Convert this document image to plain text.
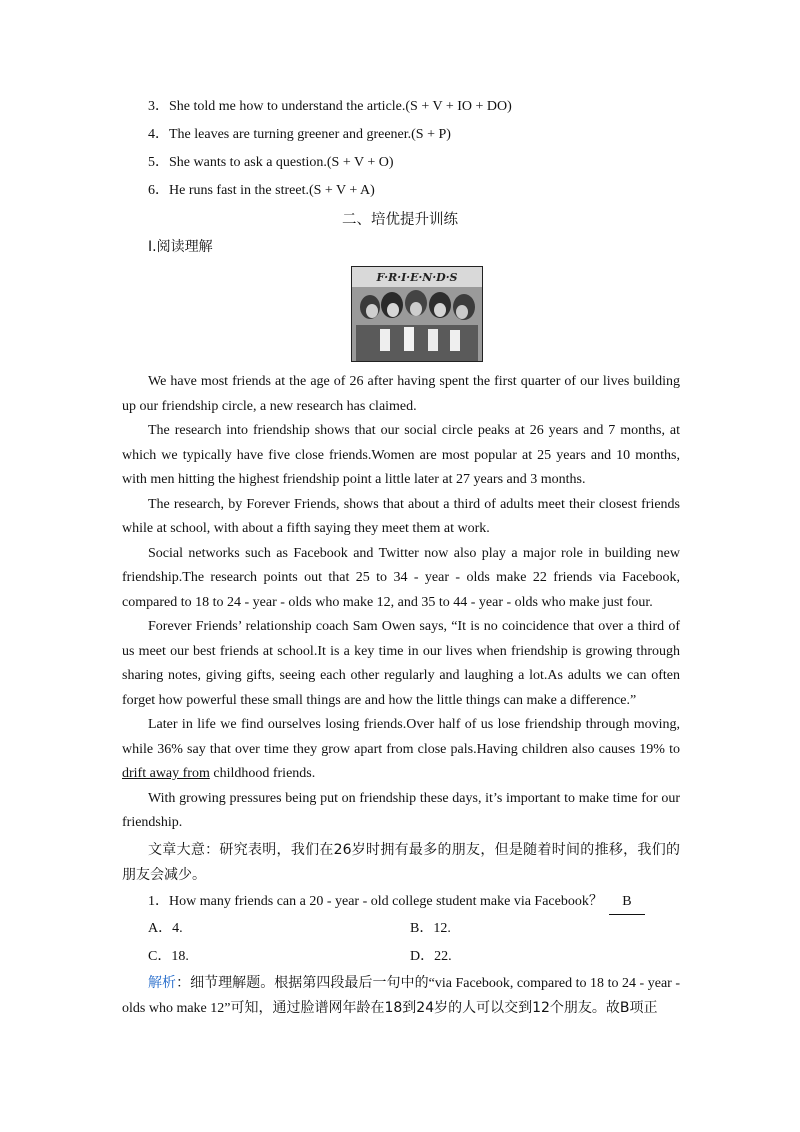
3．She told me how to understand the article.(S + V + IO + DO)
4．The leaves are turning greener and greener.(S + P)
5．She wants to ask a question.(S + V + O)
6．He runs fast in the street.(S + V + A)
二、培优提升训练
Ⅰ.阅读理解
F·R·I·E·N·D·S

We have most friends at the age of 26 after having spent the first quarter of our lives building up our friendship circle, a new research has claimed.

The research into friendship shows that our social circle peaks at 26 years and 7 months, at which we typically have five close friends.Women are most popular at 25 years and 10 months, with men hitting the highest friendship point a little later at 27 years and 3 months.

The research, by Forever Friends, shows that about a third of adults meet their closest friends while at school, with about a fifth saying they meet them at work.

Social networks such as Facebook and Twitter now also play a major role in building new friendship.The research points out that 25 to 34 - year - olds make 22 friends via Facebook, compared to 18 to 24 - year - olds who make 12, and 35 to 44 - year - olds who make just four.

Forever Friends’ relationship coach Sam Owen says, “It is no coincidence that over a third of us meet our best friends at school.It is a key time in our lives when friendship is growing through sharing notes, giving gifts, seeing each other regularly and laughing a lot.As adults we can often forget how powerful these small things are and how the little things can make a difference.”

Later in life we find ourselves losing friends.Over half of us lose friendship through moving, while 36% say that over time they grow apart from close pals.Having children also causes 19% to drift away from childhood friends.

With growing pressures being put on friendship these days, it’s important to make time for our friendship.

文章大意：研究表明，我们在26岁时拥有最多的朋友，但是随着时间的推移，我们的朋友会减少。

1．How many friends can a 20 - year - old college student make via Facebook？ B

A．4.	B．12.
C．18.	D．22.

解析：细节理解题。根据第四段最后一句中的“via Facebook, compared to 18 to 24 - year - olds who make 12”可知，通过脸谱网年龄在18到24岁的人可以交到12个朋友。故B项正
